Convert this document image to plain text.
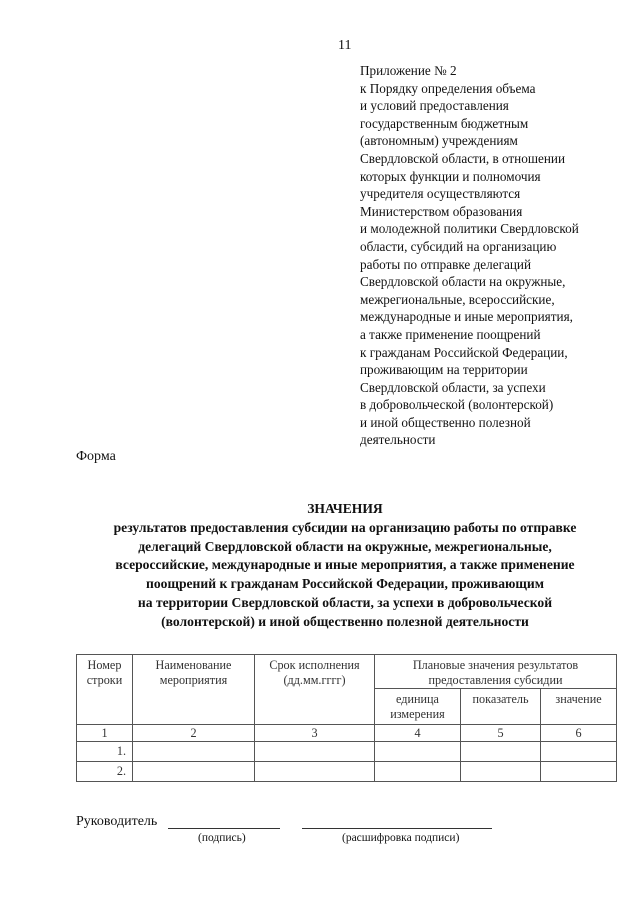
11
Приложение № 2
к Порядку определения объема
и условий предоставления
государственным бюджетным
(автономным) учреждениям
Свердловской области, в отношении
которых функции и полномочия
учредителя осуществляются
Министерством образования
и молодежной политики Свердловской
области, субсидий на организацию
работы по отправке делегаций
Свердловской области на окружные,
межрегиональные, всероссийские,
международные и иные мероприятия,
а также применение поощрений
к гражданам Российской Федерации,
проживающим на территории
Свердловской области, за успехи
в добровольческой (волонтерской)
и иной общественно полезной
деятельности
Форма
ЗНАЧЕНИЯ
результатов предоставления субсидии на организацию работы по отправке
делегаций Свердловской области на окружные, межрегиональные,
всероссийские, международные и иные мероприятия, а также применение
поощрений к гражданам Российской Федерации, проживающим
на территории Свердловской области, за успехи в добровольческой
(волонтерской) и иной общественно полезной деятельности
Номер строки	Наименование мероприятия	Срок исполнения (дд.мм.гггг)	Плановые значения результатов предоставления субсидии		
			единица измерения	показатель	значение
1	2	3	4	5	6
1.					
2.					
Руководитель
(подпись)	(расшифровка подписи)
